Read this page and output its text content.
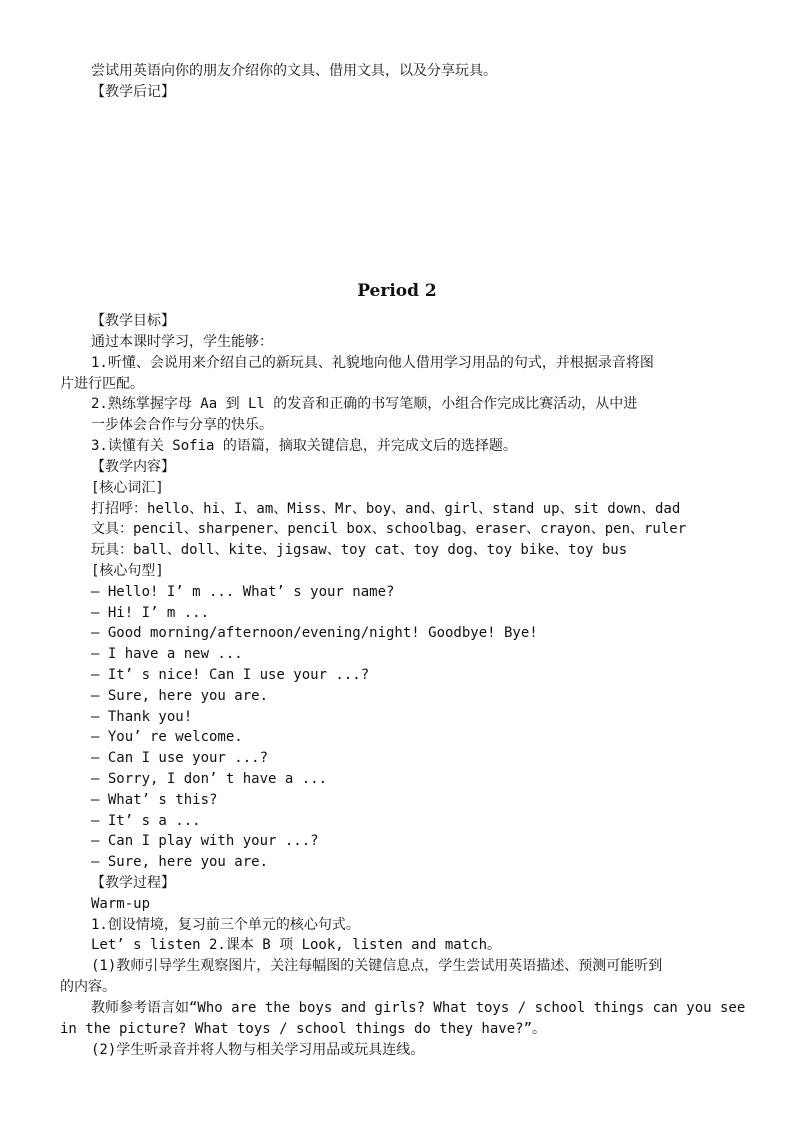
尝试用英语向你的朋友介绍你的文具、借用文具，以及分享玩具。
【教学后记】
Period 2
【教学目标】
通过本课时学习，学生能够：
1.听懂、会说用来介绍自己的新玩具、礼貌地向他人借用学习用品的句式，并根据录音将图
片进行匹配。
2.熟练掌握字母 Aa 到 Ll 的发音和正确的书写笔顺，小组合作完成比赛活动，从中进
一步体会合作与分享的快乐。
3.读懂有关 Sofia 的语篇，摘取关键信息，并完成文后的选择题。
【教学内容】
[核心词汇]
打招呼：hello、hi、I、am、Miss、Mr、boy、and、girl、stand up、sit down、dad
文具：pencil、sharpener、pencil box、schoolbag、eraser、crayon、pen、ruler
玩具：ball、doll、kite、jigsaw、toy cat、toy dog、toy bike、toy bus
[核心句型]
— Hello! I’ m ... What’ s your name?
— Hi! I’ m ...
— Good morning/afternoon/evening/night! Goodbye! Bye!
— I have a new ...
— It’ s nice! Can I use your ...?
— Sure, here you are.
— Thank you!
— You’ re welcome.
— Can I use your ...?
— Sorry, I don’ t have a ...
— What’ s this?
— It’ s a ...
— Can I play with your ...?
— Sure, here you are.
【教学过程】
Warm-up
1.创设情境，复习前三个单元的核心句式。
Let’ s listen 2.课本 B 项 Look, listen and match。
(1)教师引导学生观察图片，关注每幅图的关键信息点，学生尝试用英语描述、预测可能听到
的内容。
教师参考语言如“Who are the boys and girls? What toys / school things can you see
in the picture? What toys / school things do they have?”。
(2)学生听录音并将人物与相关学习用品或玩具连线。
